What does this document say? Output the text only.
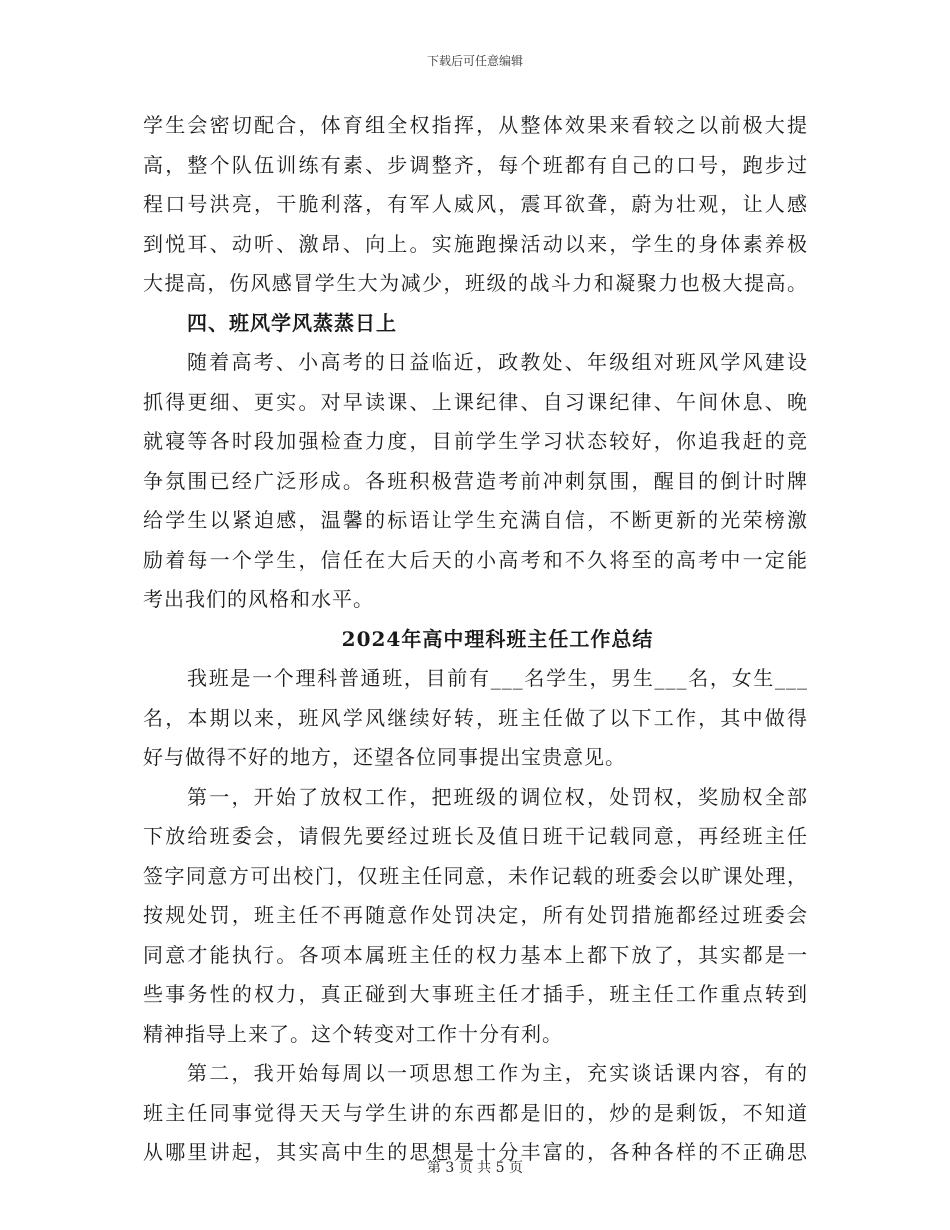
下载后可任意编辑
学生会密切配合，体育组全权指挥，从整体效果来看较之以前极大提
高，整个队伍训练有素、步调整齐，每个班都有自己的口号，跑步过
程口号洪亮，干脆利落，有军人威风，震耳欲聋，蔚为壮观，让人感
到悦耳、动听、激昂、向上。实施跑操活动以来，学生的身体素养极
大提高，伤风感冒学生大为减少，班级的战斗力和凝聚力也极大提高。
四、班风学风蒸蒸日上
随着高考、小高考的日益临近，政教处、年级组对班风学风建设
抓得更细、更实。对早读课、上课纪律、自习课纪律、午间休息、晚
就寝等各时段加强检查力度，目前学生学习状态较好，你追我赶的竞
争氛围已经广泛形成。各班积极营造考前冲刺氛围，醒目的倒计时牌
给学生以紧迫感，温馨的标语让学生充满自信，不断更新的光荣榜激
励着每一个学生，信任在大后天的小高考和不久将至的高考中一定能
考出我们的风格和水平。
2024年高中理科班主任工作总结
我班是一个理科普通班，目前有___名学生，男生___名，女生___
名，本期以来，班风学风继续好转，班主任做了以下工作，其中做得
好与做得不好的地方，还望各位同事提出宝贵意见。
第一，开始了放权工作，把班级的调位权，处罚权，奖励权全部
下放给班委会，请假先要经过班长及值日班干记载同意，再经班主任
签字同意方可出校门，仅班主任同意，未作记载的班委会以旷课处理，
按规处罚，班主任不再随意作处罚决定，所有处罚措施都经过班委会
同意才能执行。各项本属班主任的权力基本上都下放了，其实都是一
些事务性的权力，真正碰到大事班主任才插手，班主任工作重点转到
精神指导上来了。这个转变对工作十分有利。
第二，我开始每周以一项思想工作为主，充实谈话课内容，有的
班主任同事觉得天天与学生讲的东西都是旧的，炒的是剩饭，不知道
从哪里讲起，其实高中生的思想是十分丰富的，各种各样的不正确思
第 3 页 共 5 页
